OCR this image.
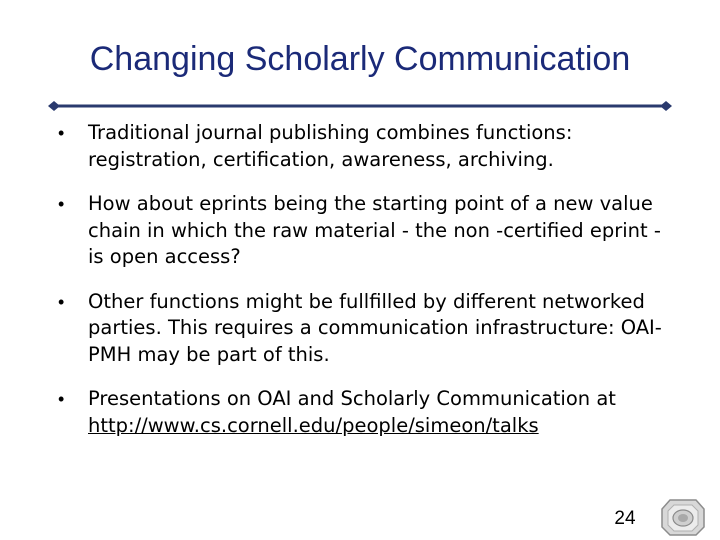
Changing Scholarly Communication
• Traditional journal publishing combines functions: registration, certification, awareness, archiving.
• How about eprints being the starting point of a new value chain in which the raw material - the non -certified eprint - is open access?
• Other functions might be fullfilled by different networked parties. This requires a communication infrastructure: OAI-PMH may be part of this.
• Presentations on OAI and Scholarly Communication at http://www.cs.cornell.edu/people/simeon/talks
24
